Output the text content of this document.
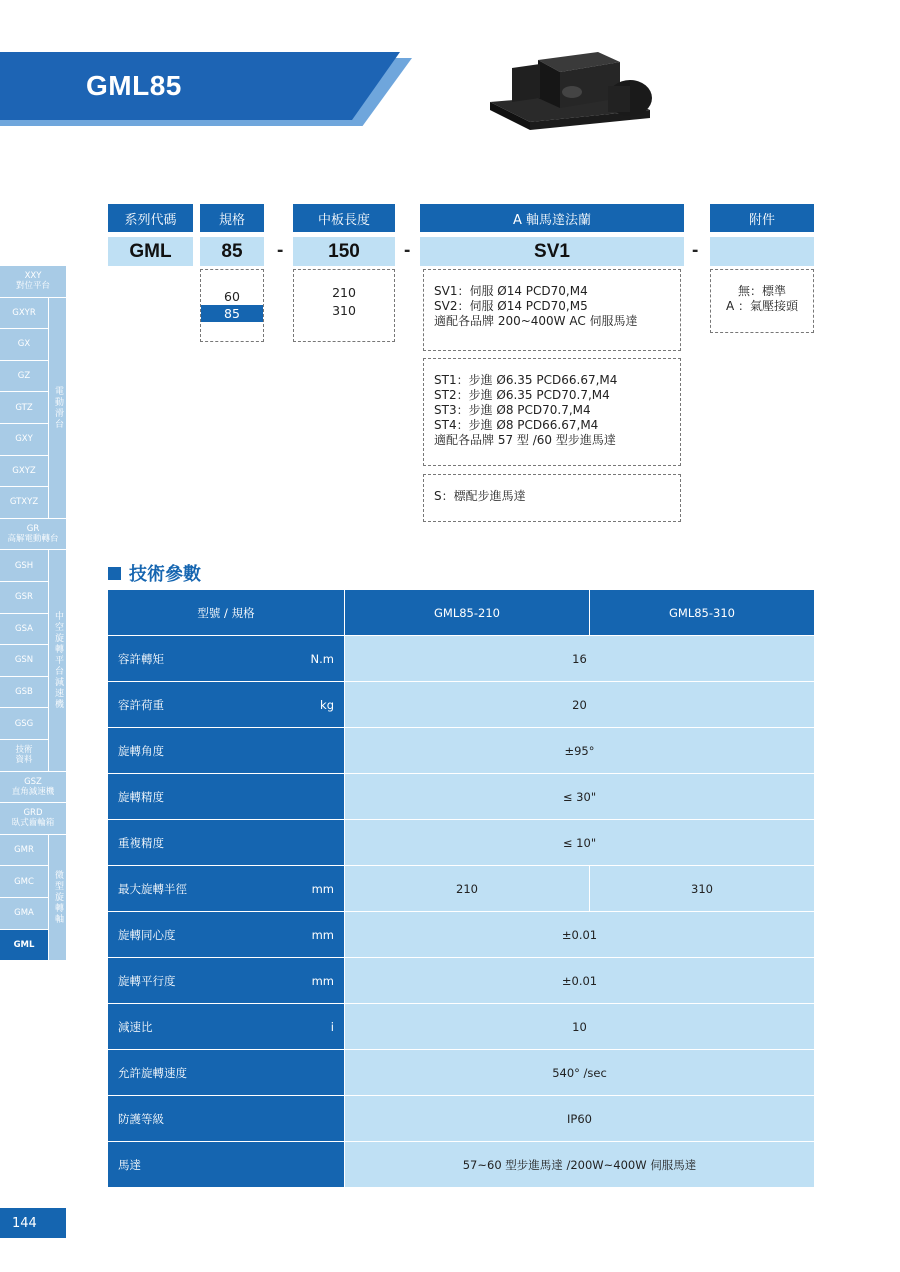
GML85
系列代碼	規格	中板長度	A 軸馬達法蘭	附件
GML	85	-	150	-	SV1	-
60
85
210
310
SV1：伺服 Ø14 PCD70,M4
SV2：伺服 Ø14 PCD70,M5
適配各品牌 200~400W AC 伺服馬達
ST1：步進 Ø6.35 PCD66.67,M4
ST2：步進 Ø6.35 PCD70.7,M4
ST3：步進 Ø8 PCD70.7,M4
ST4：步進 Ø8 PCD66.67,M4
適配各品牌 57 型 /60 型步進馬達
S：標配步進馬達
無：標準
A ：氣壓接頭
XXY
對位平台
GXYR
GX
GZ
GTZ
GXY
GXYZ
GTXYZ
GR
高解電動轉台
GSH
GSR
GSA
GSN
GSB
GSG
技術
資料
GSZ
直角減速機
GRD
臥式齒輪箱
GMR
GMC
GMA
GML
電動滑台
中空旋轉平台減速機
微型旋轉軸
技術參數
型號 / 規格	GML85-210	GML85-310
容許轉矩	N.m	16
容許荷重	kg	20
旋轉角度	±95°
旋轉精度	≤ 30"
重複精度	≤ 10"
最大旋轉半徑	mm	210	310
旋轉同心度	mm	±0.01
旋轉平行度	mm	±0.01
減速比	i	10
允許旋轉速度	540° /sec
防護等級	IP60
馬達	57~60 型步進馬達 /200W~400W 伺服馬達
144
